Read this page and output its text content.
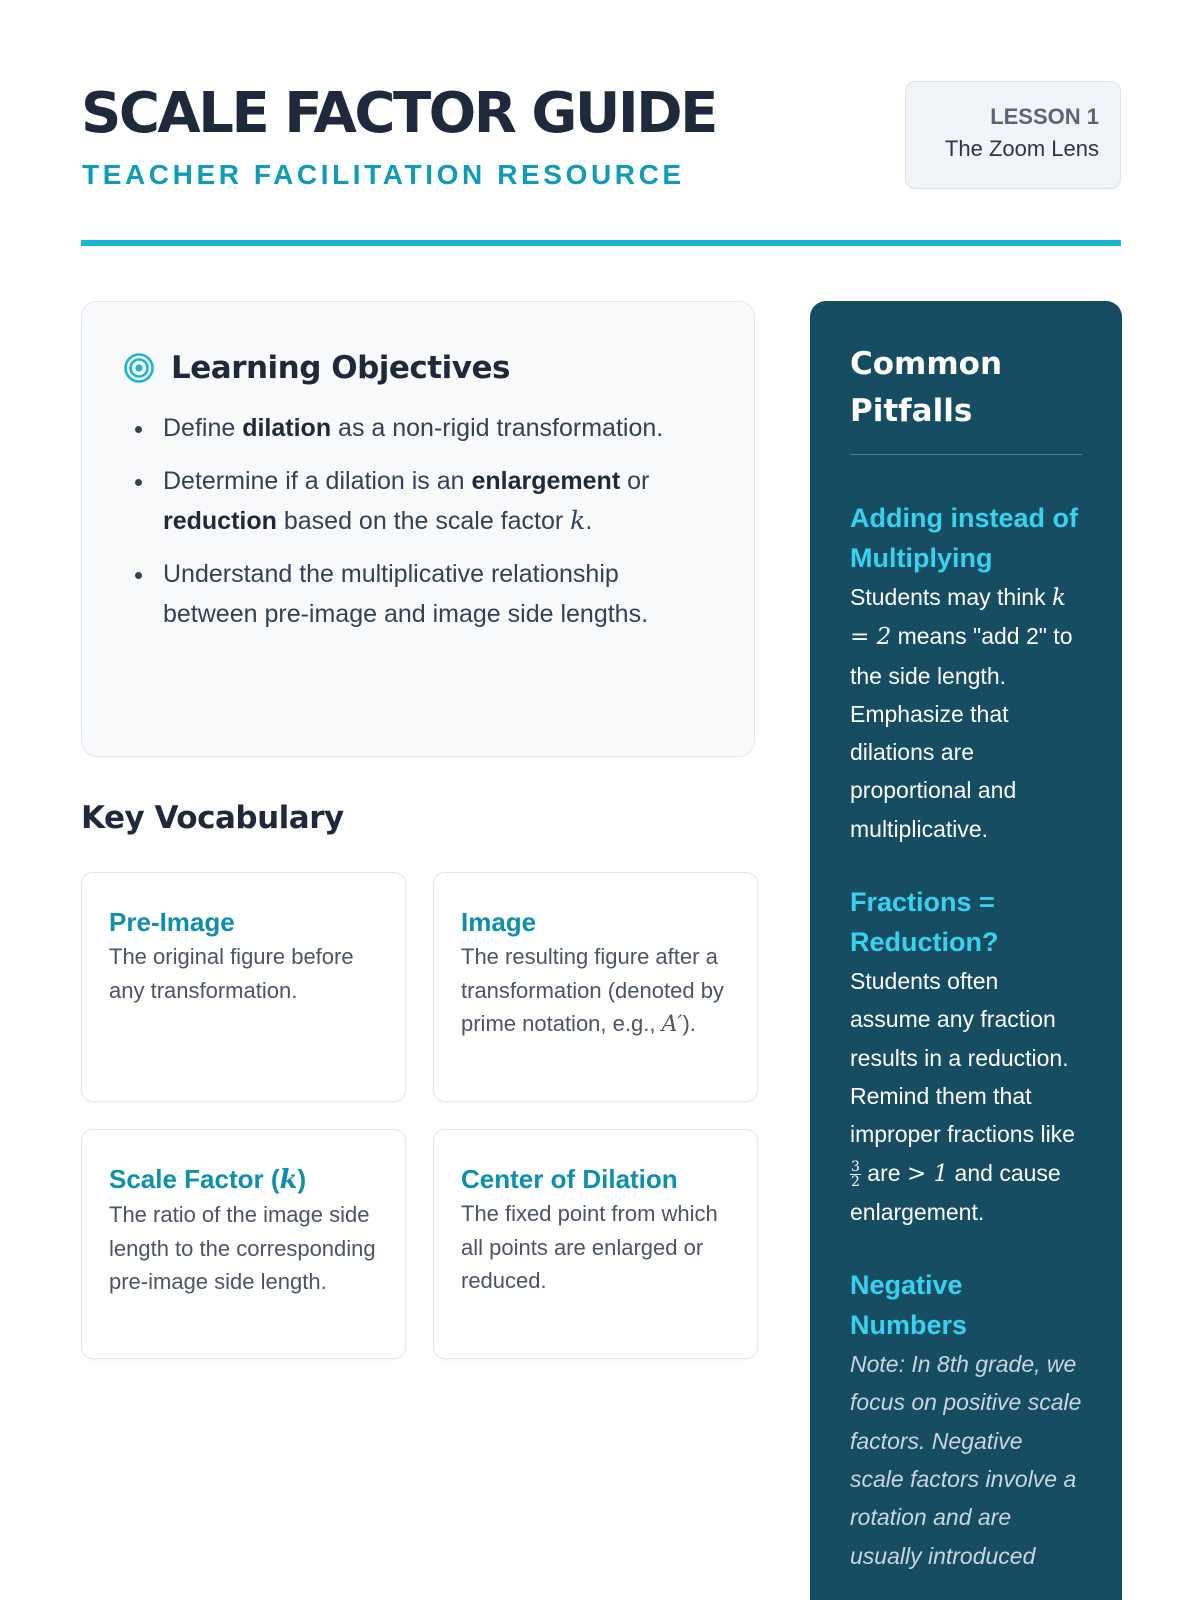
SCALE FACTOR GUIDE
TEACHER FACILITATION RESOURCE
LESSON 1
The Zoom Lens
Learning Objectives
Define dilation as a non-rigid transformation.
Determine if a dilation is an enlargement or reduction based on the scale factor k.
Understand the multiplicative relationship between pre-image and image side lengths.
Key Vocabulary
Pre-Image
The original figure before any transformation.
Image
The resulting figure after a transformation (denoted by prime notation, e.g., A′).
Scale Factor (k)
The ratio of the image side length to the corresponding pre-image side length.
Center of Dilation
The fixed point from which all points are enlarged or reduced.
Common Pitfalls
Adding instead of Multiplying
Students may think k = 2 means "add 2" to the side length. Emphasize that dilations are proportional and multiplicative.
Fractions = Reduction?
Students often assume any fraction results in a reduction. Remind them that improper fractions like
$\frac{3}{2}$ are > 1 and cause enlargement.
Negative Numbers
Note: In 8th grade, we focus on positive scale factors. Negative scale factors involve a rotation and are usually introduced
